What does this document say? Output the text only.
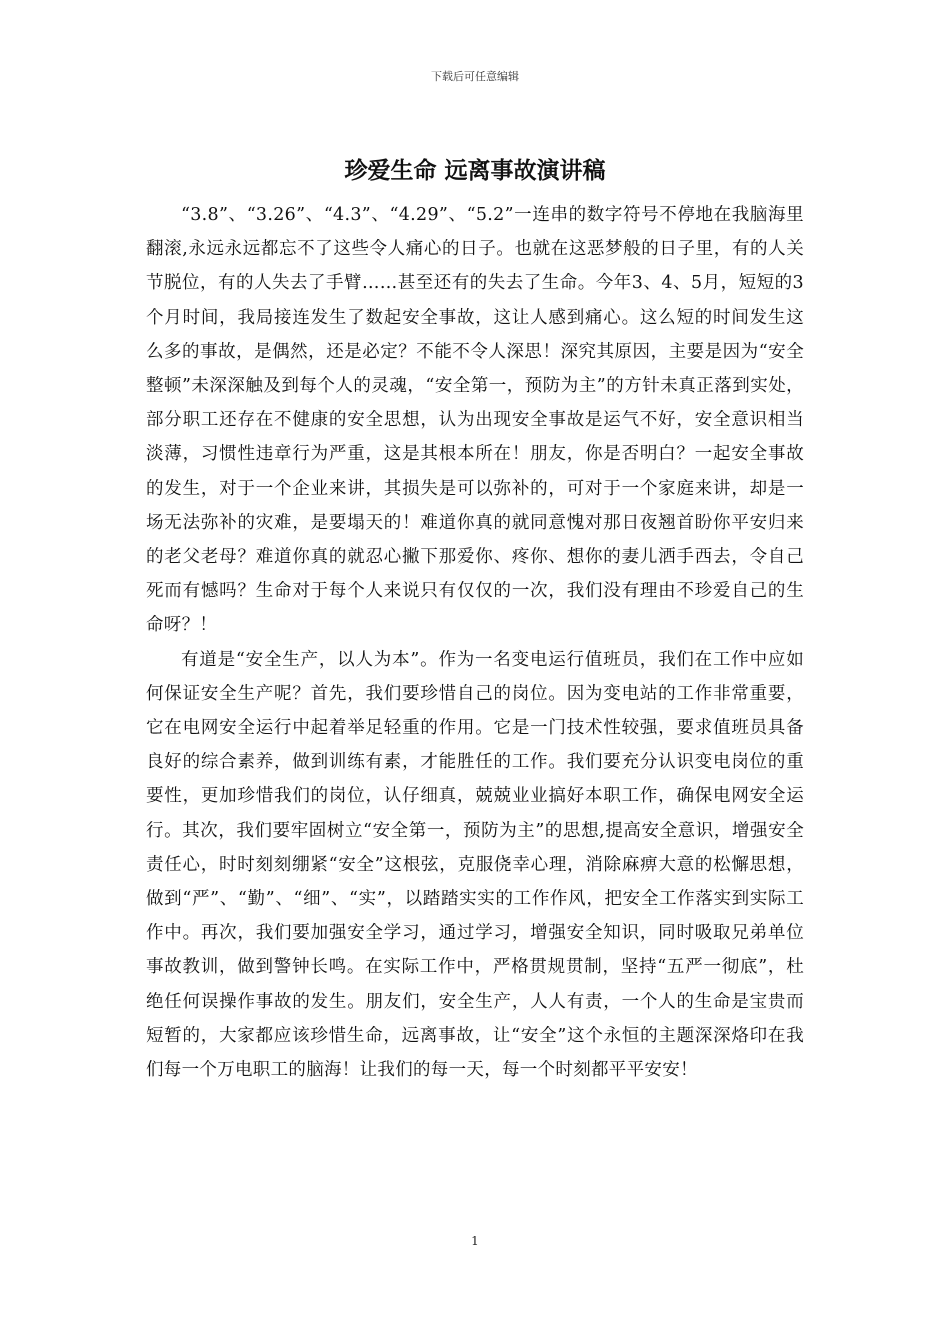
下载后可任意编辑
珍爱生命 远离事故演讲稿

“3.8”、“3.26”、“4.3”、“4.29”、“5.2”一连串的数字符号不停地在我脑海里翻滚,永远永远都忘不了这些令人痛心的日子。也就在这恶梦般的日子里，有的人关节脱位，有的人失去了手臂……甚至还有的失去了生命。今年3、4、5月，短短的3个月时间，我局接连发生了数起安全事故，这让人感到痛心。这么短的时间发生这么多的事故，是偶然，还是必定？不能不令人深思！深究其原因，主要是因为“安全整顿”未深深触及到每个人的灵魂，“安全第一，预防为主”的方针未真正落到实处，部分职工还存在不健康的安全思想，认为出现安全事故是运气不好，安全意识相当淡薄，习惯性违章行为严重，这是其根本所在！朋友，你是否明白？一起安全事故的发生，对于一个企业来讲，其损失是可以弥补的，可对于一个家庭来讲，却是一场无法弥补的灾难，是要塌天的！难道你真的就同意愧对那日夜翘首盼你平安归来的老父老母？难道你真的就忍心撇下那爱你、疼你、想你的妻儿洒手西去，令自己死而有憾吗？生命对于每个人来说只有仅仅的一次，我们没有理由不珍爱自己的生命呀？！

有道是“安全生产，以人为本”。作为一名变电运行值班员，我们在工作中应如何保证安全生产呢？首先，我们要珍惜自己的岗位。因为变电站的工作非常重要，它在电网安全运行中起着举足轻重的作用。它是一门技术性较强，要求值班员具备良好的综合素养，做到训练有素，才能胜任的工作。我们要充分认识变电岗位的重要性，更加珍惜我们的岗位，认仔细真，兢兢业业搞好本职工作，确保电网安全运行。其次，我们要牢固树立“安全第一，预防为主”的思想,提高安全意识，增强安全责任心，时时刻刻绷紧“安全”这根弦，克服侥幸心理，消除麻痹大意的松懈思想，做到“严”、“勤”、“细”、“实”，以踏踏实实的工作作风，把安全工作落实到实际工作中。再次，我们要加强安全学习，通过学习，增强安全知识，同时吸取兄弟单位事故教训，做到警钟长鸣。在实际工作中，严格贯规贯制，坚持“五严一彻底”，杜绝任何误操作事故的发生。朋友们，安全生产，人人有责，一个人的生命是宝贵而短暂的，大家都应该珍惜生命，远离事故，让“安全”这个永恒的主题深深烙印在我们每一个万电职工的脑海！让我们的每一天，每一个时刻都平平安安！

1
